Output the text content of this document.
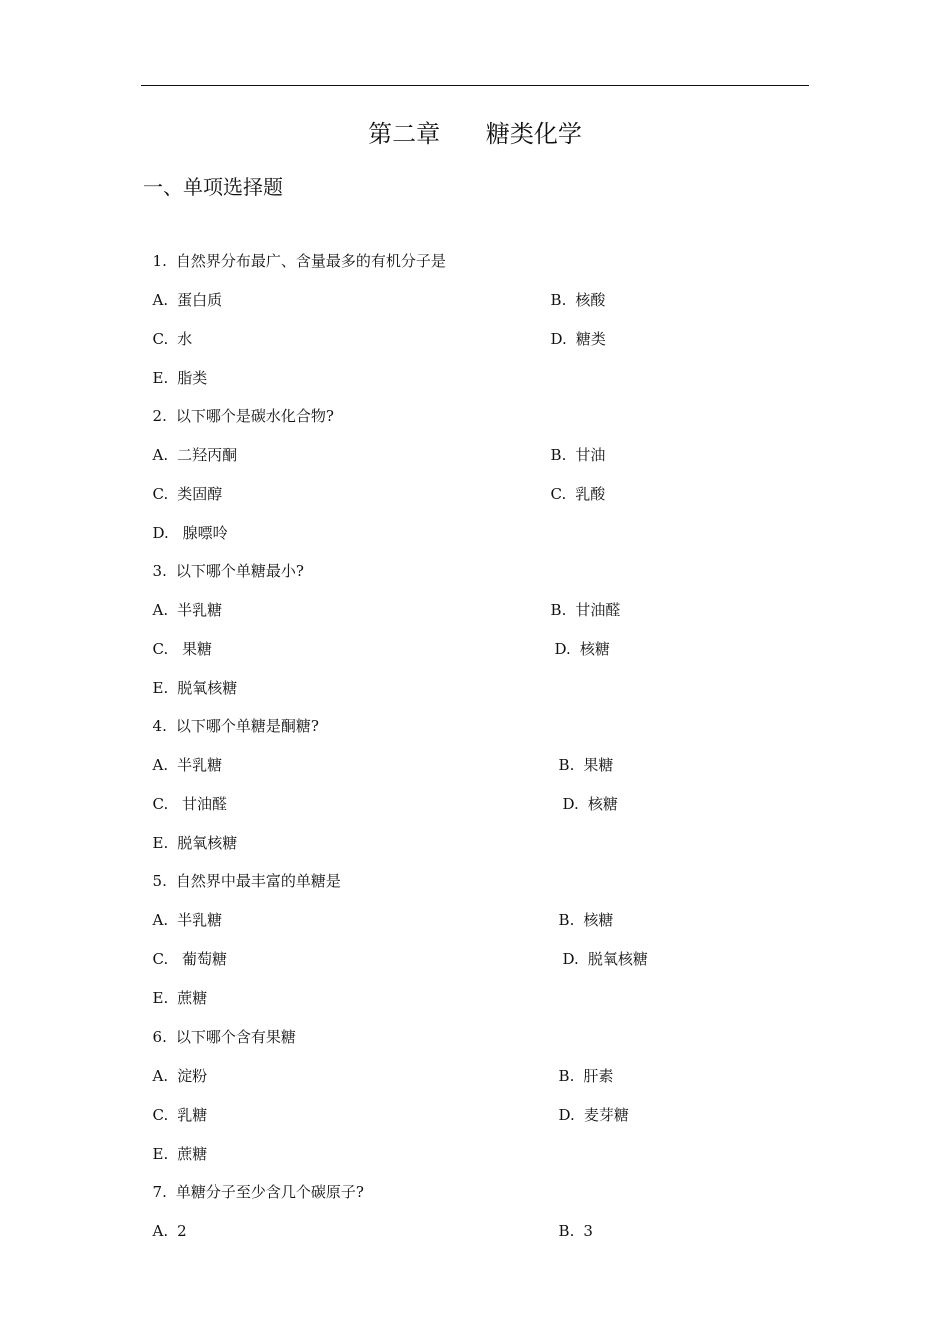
第二章      糖类化学
一、单项选择题

1. 自然界分布最广、含量最多的有机分子是

A. 蛋白质	B. 核酸

C. 水	D. 糖类

E. 脂类

2. 以下哪个是碳水化合物?

A. 二羟丙酮	B. 甘油

C. 类固醇	C. 乳酸

D. 腺嘌呤

3. 以下哪个单糖最小?

A. 半乳糖	B. 甘油醛

C. 果糖	D. 核糖

E. 脱氧核糖

4. 以下哪个单糖是酮糖?

A. 半乳糖	B. 果糖

C. 甘油醛	D. 核糖

E. 脱氧核糖

5. 自然界中最丰富的单糖是

A. 半乳糖	B. 核糖

C. 葡萄糖	D. 脱氧核糖

E. 蔗糖

6. 以下哪个含有果糖

A. 淀粉	B. 肝素

C. 乳糖	D. 麦芽糖

E. 蔗糖

7. 单糖分子至少含几个碳原子?

A. 2	B. 3
